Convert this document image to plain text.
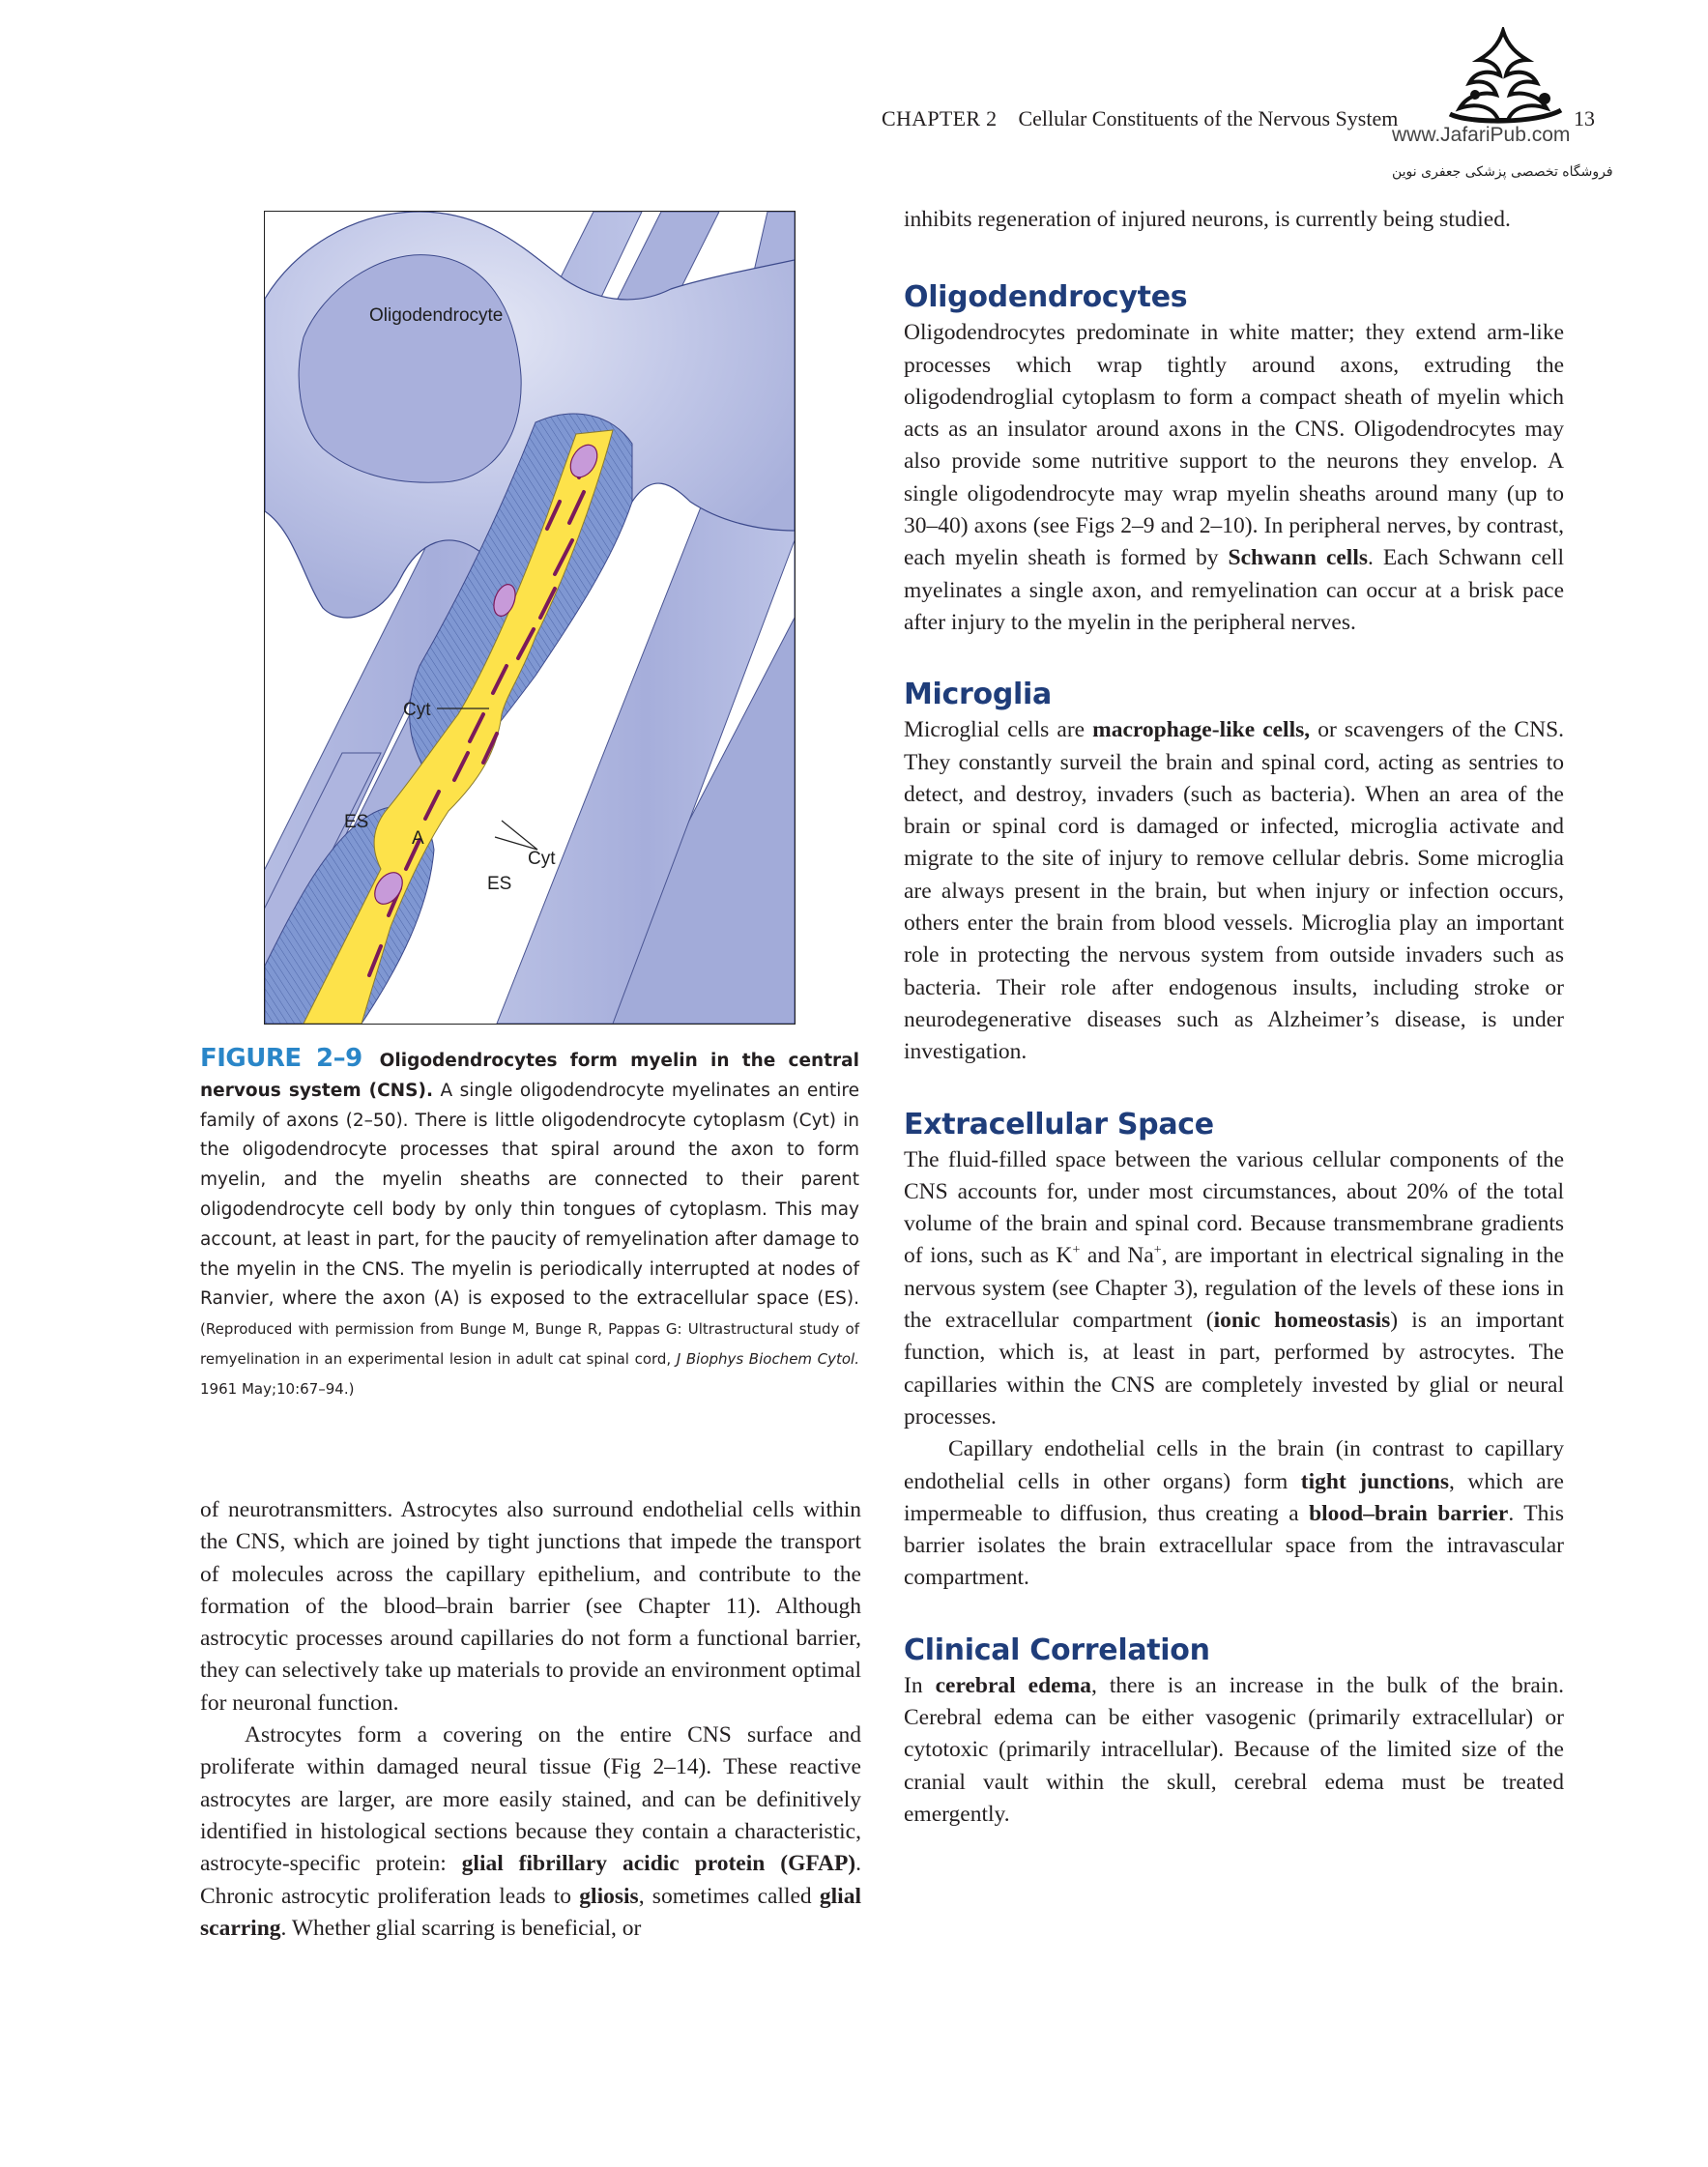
CHAPTER 2 Cellular Constituents of the Nervous System	13
www.JafariPub.com
فروشگاه تخصصی پزشکی جعفری نوین
Oligodendrocyte
Cyt
ES
A
Cyt
ES
FIGURE 2–9 Oligodendrocytes form myelin in the central nervous system (CNS). A single oligodendrocyte myelinates an entire family of axons (2–50). There is little oligodendrocyte cytoplasm (Cyt) in the oligodendrocyte processes that spiral around the axon to form myelin, and the myelin sheaths are connected to their parent oligodendrocyte cell body by only thin tongues of cytoplasm. This may account, at least in part, for the paucity of remyelination after damage to the myelin in the CNS. The myelin is periodically interrupted at nodes of Ranvier, where the axon (A) is exposed to the extracellular space (ES). (Reproduced with permission from Bunge M, Bunge R, Pappas G: Ultrastructural study of remyelination in an experimental lesion in adult cat spinal cord, J Biophys Biochem Cytol. 1961 May;10:67–94.)

of neurotransmitters. Astrocytes also surround endothelial cells within the CNS, which are joined by tight junctions that impede the transport of molecules across the capillary epithelium, and contribute to the formation of the blood–brain barrier (see Chapter 11). Although astrocytic processes around capillaries do not form a functional barrier, they can selectively take up materials to provide an environment optimal for neuronal function.

Astrocytes form a covering on the entire CNS surface and proliferate within damaged neural tissue (Fig 2–14). These reactive astrocytes are larger, are more easily stained, and can be definitively identified in histological sections because they contain a characteristic, astrocyte-specific protein: glial fibrillary acidic protein (GFAP). Chronic astrocytic proliferation leads to gliosis, sometimes called glial scarring. Whether glial scarring is beneficial, or

inhibits regeneration of injured neurons, is currently being studied.

Oligodendrocytes

Oligodendrocytes predominate in white matter; they extend arm-like processes which wrap tightly around axons, extruding the oligodendroglial cytoplasm to form a compact sheath of myelin which acts as an insulator around axons in the CNS. Oligodendrocytes may also provide some nutritive support to the neurons they envelop. A single oligodendrocyte may wrap myelin sheaths around many (up to 30–40) axons (see Figs 2–9 and 2–10). In peripheral nerves, by contrast, each myelin sheath is formed by Schwann cells. Each Schwann cell myelinates a single axon, and remyelination can occur at a brisk pace after injury to the myelin in the peripheral nerves.

Microglia

Microglial cells are macrophage-like cells, or scavengers of the CNS. They constantly surveil the brain and spinal cord, acting as sentries to detect, and destroy, invaders (such as bacteria). When an area of the brain or spinal cord is damaged or infected, microglia activate and migrate to the site of injury to remove cellular debris. Some microglia are always present in the brain, but when injury or infection occurs, others enter the brain from blood vessels. Microglia play an important role in protecting the nervous system from outside invaders such as bacteria. Their role after endogenous insults, including stroke or neurodegenerative diseases such as Alzheimer’s disease, is under investigation.

Extracellular Space

The fluid-filled space between the various cellular components of the CNS accounts for, under most circumstances, about 20% of the total volume of the brain and spinal cord. Because transmembrane gradients of ions, such as K+ and Na+, are important in electrical signaling in the nervous system (see Chapter 3), regulation of the levels of these ions in the extracellular compartment (ionic homeostasis) is an important function, which is, at least in part, performed by astrocytes. The capillaries within the CNS are completely invested by glial or neural processes.

Capillary endothelial cells in the brain (in contrast to capillary endothelial cells in other organs) form tight junctions, which are impermeable to diffusion, thus creating a blood–brain barrier. This barrier isolates the brain extracellular space from the intravascular compartment.

Clinical Correlation

In cerebral edema, there is an increase in the bulk of the brain. Cerebral edema can be either vasogenic (primarily extracellular) or cytotoxic (primarily intracellular). Because of the limited size of the cranial vault within the skull, cerebral edema must be treated emergently.
